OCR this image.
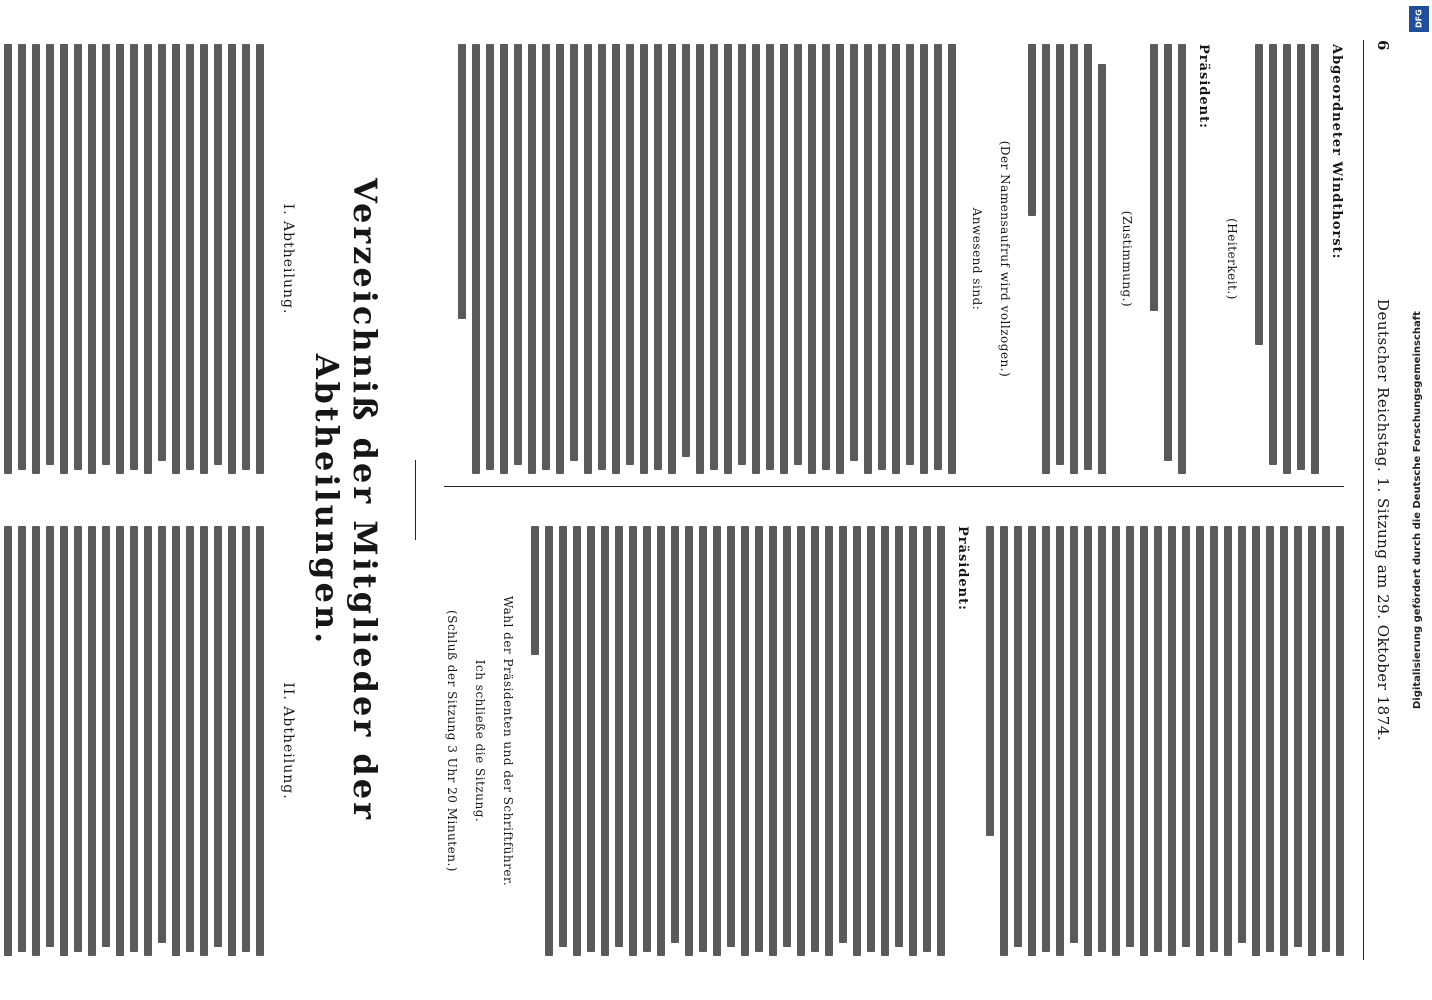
6
Deutscher Reichstag. 1. Sitzung am 29. Oktober 1874.
Abgeordneter Windthorst:
(Heiterkeit.)
Präsident:
(Zustimmung.)
(Der Namensaufruf wird vollzogen.)
Anwesend sind:
Präsident:
Wahl der Präsidenten und der Schriftführer.
Ich schließe die Sitzung.
(Schluß der Sitzung 3 Uhr 20 Minuten.)
Verzeichniß der Mitglieder der Abtheilungen.
I. Abtheilung.
II. Abtheilung.
DFG
Digitalisierung gefördert durch die Deutsche Forschungsgemeinschaft
